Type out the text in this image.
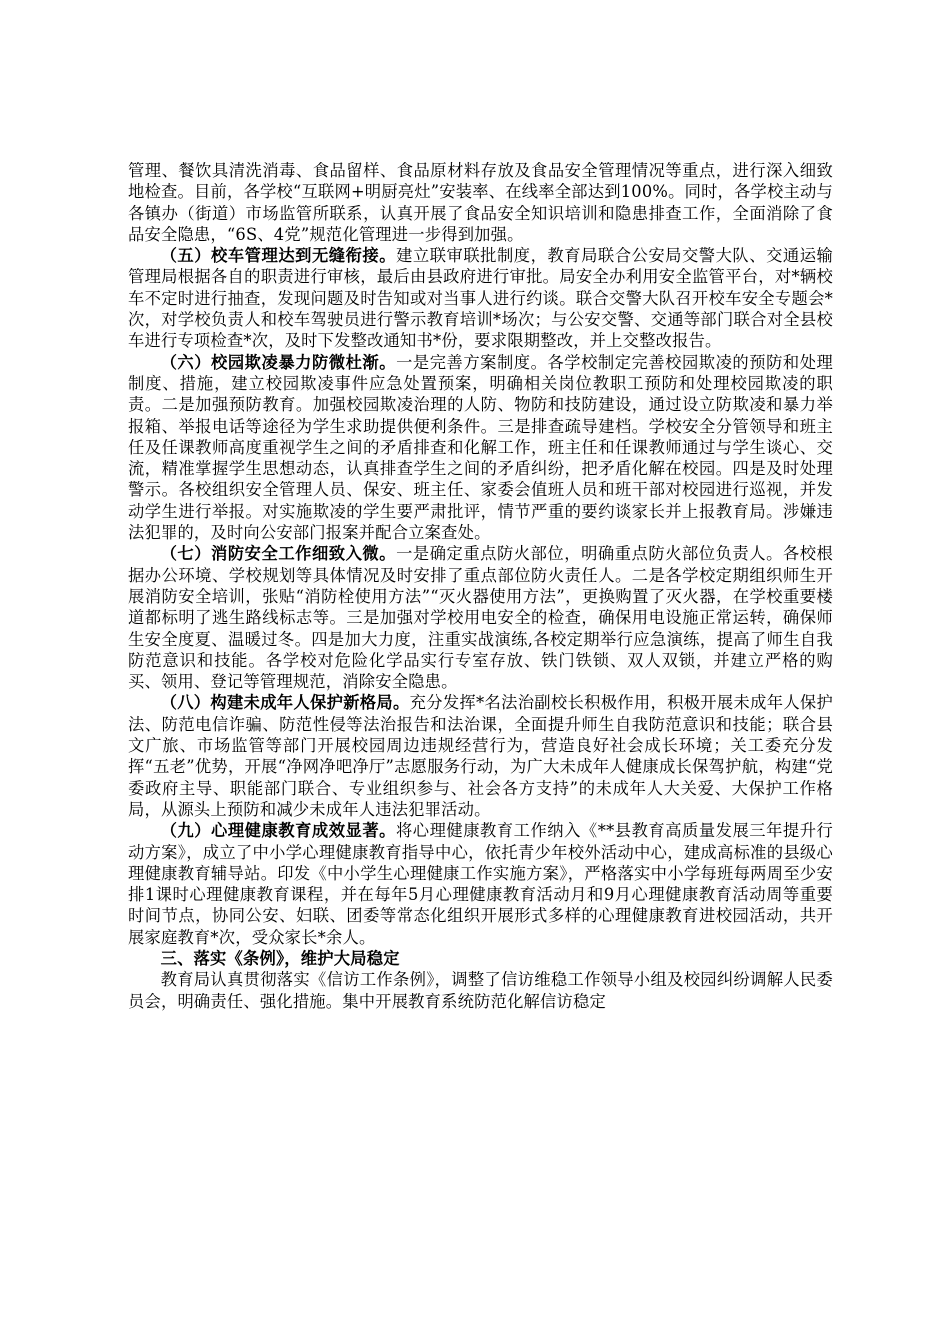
管理、餐饮具清洗消毒、食品留样、食品原材料存放及食品安全管理情况等重点，进行深入细致地检查。目前，各学校“互联网+明厨亮灶”安装率、在线率全部达到100%。同时，各学校主动与各镇办（街道）市场监管所联系，认真开展了食品安全知识培训和隐患排查工作，全面消除了食品安全隐患，“6S、4党”规范化管理进一步得到加强。

（五）校车管理达到无缝衔接。建立联审联批制度，教育局联合公安局交警大队、交通运输管理局根据各自的职责进行审核，最后由县政府进行审批。局安全办利用安全监管平台，对*辆校车不定时进行抽查，发现问题及时告知或对当事人进行约谈。联合交警大队召开校车安全专题会*次，对学校负责人和校车驾驶员进行警示教育培训*场次；与公安交警、交通等部门联合对全县校车进行专项检查*次，及时下发整改通知书*份，要求限期整改，并上交整改报告。

（六）校园欺凌暴力防微杜渐。一是完善方案制度。各学校制定完善校园欺凌的预防和处理制度、措施，建立校园欺凌事件应急处置预案，明确相关岗位教职工预防和处理校园欺凌的职责。二是加强预防教育。加强校园欺凌治理的人防、物防和技防建设，通过设立防欺凌和暴力举报箱、举报电话等途径为学生求助提供便利条件。三是排查疏导建档。学校安全分管领导和班主任及任课教师高度重视学生之间的矛盾排查和化解工作，班主任和任课教师通过与学生谈心、交流，精准掌握学生思想动态，认真排查学生之间的矛盾纠纷，把矛盾化解在校园。四是及时处理警示。各校组织安全管理人员、保安、班主任、家委会值班人员和班干部对校园进行巡视，并发动学生进行举报。对实施欺凌的学生要严肃批评，情节严重的要约谈家长并上报教育局。涉嫌违法犯罪的，及时向公安部门报案并配合立案查处。

（七）消防安全工作细致入微。一是确定重点防火部位，明确重点防火部位负责人。各校根据办公环境、学校规划等具体情况及时安排了重点部位防火责任人。二是各学校定期组织师生开展消防安全培训，张贴“消防栓使用方法”“灭火器使用方法”，更换购置了灭火器，在学校重要楼道都标明了逃生路线标志等。三是加强对学校用电安全的检查，确保用电设施正常运转，确保师生安全度夏、温暖过冬。四是加大力度，注重实战演练,各校定期举行应急演练，提高了师生自我防范意识和技能。各学校对危险化学品实行专室存放、铁门铁锁、双人双锁，并建立严格的购买、领用、登记等管理规范，消除安全隐患。

（八）构建未成年人保护新格局。充分发挥*名法治副校长积极作用，积极开展未成年人保护法、防范电信诈骗、防范性侵等法治报告和法治课，全面提升师生自我防范意识和技能；联合县文广旅、市场监管等部门开展校园周边违规经营行为，营造良好社会成长环境；关工委充分发挥“五老”优势，开展“净网净吧净厅”志愿服务行动，为广大未成年人健康成长保驾护航，构建“党委政府主导、职能部门联合、专业组织参与、社会各方支持”的未成年人大关爱、大保护工作格局，从源头上预防和减少未成年人违法犯罪活动。

（九）心理健康教育成效显著。将心理健康教育工作纳入《**县教育高质量发展三年提升行动方案》，成立了中小学心理健康教育指导中心，依托青少年校外活动中心，建成高标准的县级心理健康教育辅导站。印发《中小学生心理健康工作实施方案》，严格落实中小学每班每两周至少安排1课时心理健康教育课程，并在每年5月心理健康教育活动月和9月心理健康教育活动周等重要时间节点，协同公安、妇联、团委等常态化组织开展形式多样的心理健康教育进校园活动，共开展家庭教育*次，受众家长*余人。

三、落实《条例》，维护大局稳定

教育局认真贯彻落实《信访工作条例》，调整了信访维稳工作领导小组及校园纠纷调解人民委员会，明确责任、强化措施。集中开展教育系统防范化解信访稳定
